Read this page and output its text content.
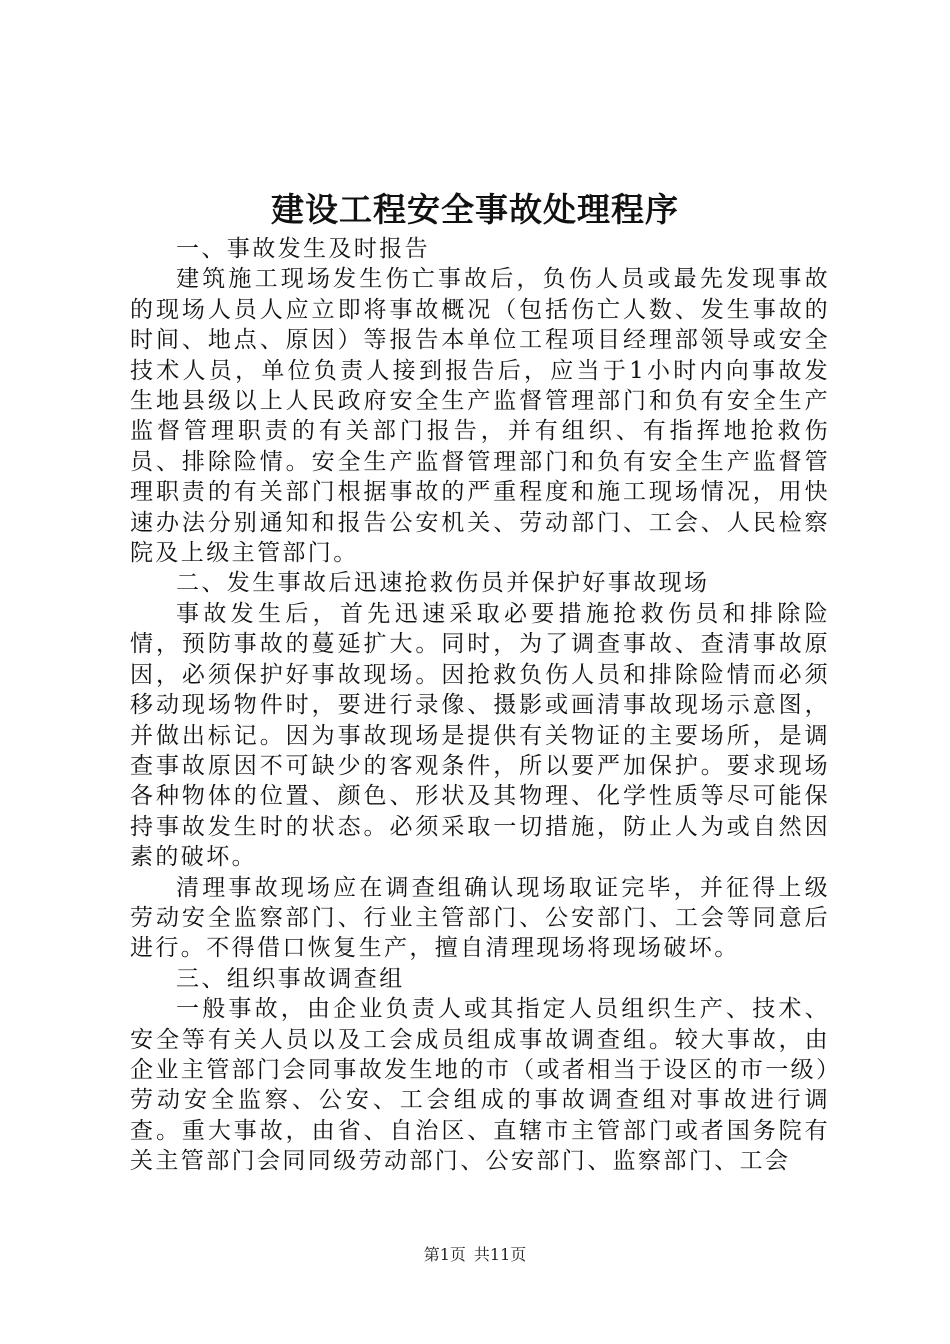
建设工程安全事故处理程序

一、事故发生及时报告

建筑施工现场发生伤亡事故后，负伤人员或最先发现事故的现场人员人应立即将事故概况（包括伤亡人数、发生事故的时间、地点、原因）等报告本单位工程项目经理部领导或安全技术人员，单位负责人接到报告后，应当于1小时内向事故发生地县级以上人民政府安全生产监督管理部门和负有安全生产监督管理职责的有关部门报告，并有组织、有指挥地抢救伤员、排除险情。安全生产监督管理部门和负有安全生产监督管理职责的有关部门根据事故的严重程度和施工现场情况，用快速办法分别通知和报告公安机关、劳动部门、工会、人民检察院及上级主管部门。

二、发生事故后迅速抢救伤员并保护好事故现场

事故发生后，首先迅速采取必要措施抢救伤员和排除险情，预防事故的蔓延扩大。同时，为了调查事故、查清事故原因，必须保护好事故现场。因抢救负伤人员和排除险情而必须移动现场物件时，要进行录像、摄影或画清事故现场示意图，并做出标记。因为事故现场是提供有关物证的主要场所，是调查事故原因不可缺少的客观条件，所以要严加保护。要求现场各种物体的位置、颜色、形状及其物理、化学性质等尽可能保持事故发生时的状态。必须采取一切措施，防止人为或自然因素的破坏。

清理事故现场应在调查组确认现场取证完毕，并征得上级劳动安全监察部门、行业主管部门、公安部门、工会等同意后进行。不得借口恢复生产，擅自清理现场将现场破坏。

三、组织事故调查组

一般事故，由企业负责人或其指定人员组织生产、技术、安全等有关人员以及工会成员组成事故调查组。较大事故，由企业主管部门会同事故发生地的市（或者相当于设区的市一级）劳动安全监察、公安、工会组成的事故调查组对事故进行调查。重大事故，由省、自治区、直辖市主管部门或者国务院有关主管部门会同同级劳动部门、公安部门、监察部门、工会

第1页 共11页
